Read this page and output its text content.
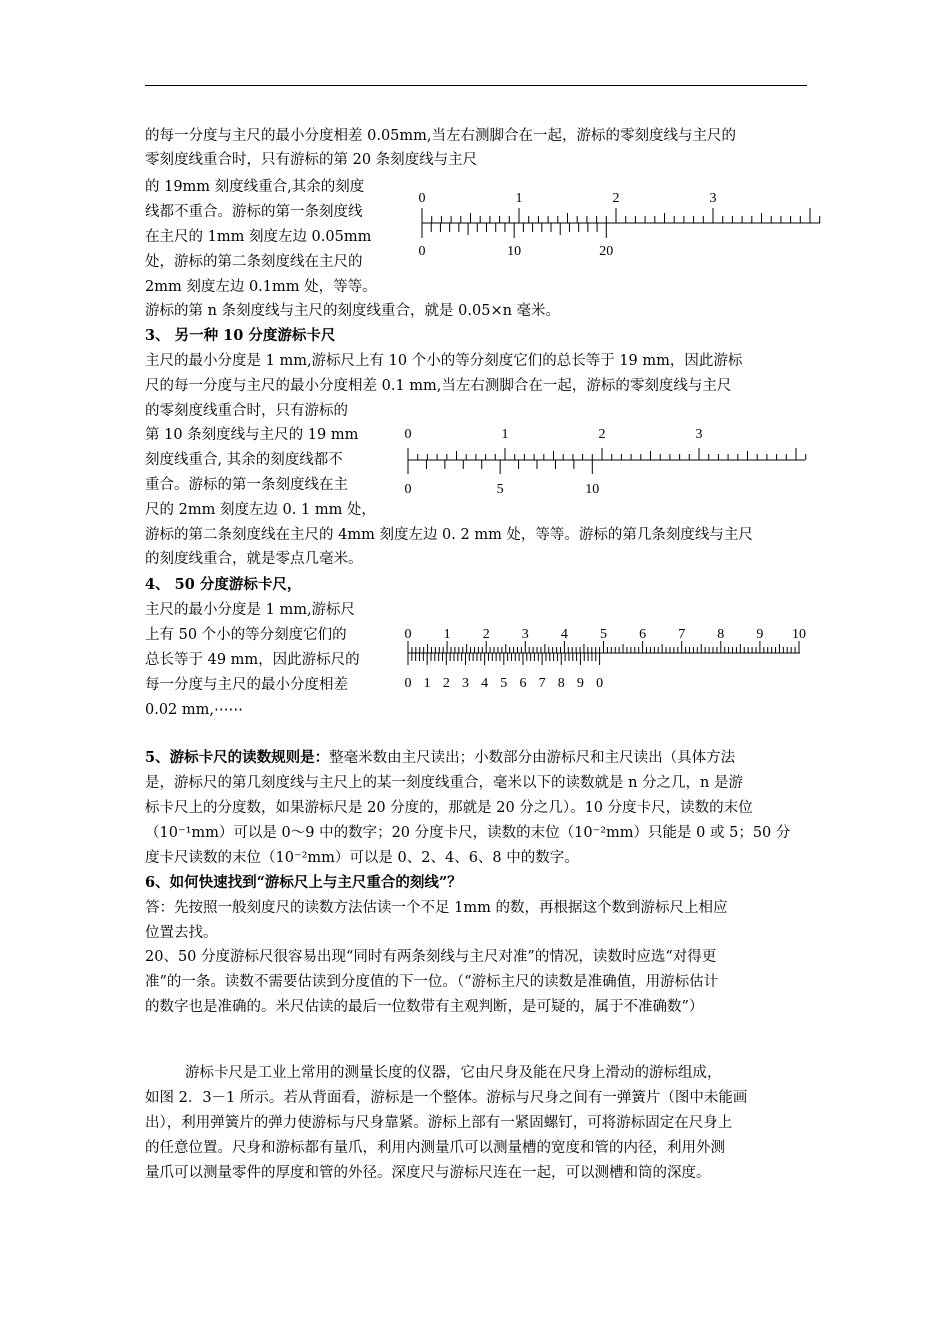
的每一分度与主尺的最小分度相差 0.05mm,当左右测脚合在一起，游标的零刻度线与主尺的
零刻度线重合时，只有游标的第 20 条刻度线与主尺
的 19mm 刻度线重合,其余的刻度
线都不重合。游标的第一条刻度线
在主尺的 1mm 刻度左边 0.05mm
处，游标的第二条刻度线在主尺的
2mm 刻度左边 0.1mm 处，等等。
游标的第 n 条刻度线与主尺的刻度线重合，就是 0.05×n 毫米。
3、 另一种 10 分度游标卡尺
主尺的最小分度是 1 mm,游标尺上有 10 个小的等分刻度它们的总长等于 19 mm，因此游标
尺的每一分度与主尺的最小分度相差 0.1 mm,当左右测脚合在一起，游标的零刻度线与主尺
的零刻度线重合时，只有游标的
第 10 条刻度线与主尺的 19 mm
刻度线重合, 其余的刻度线都不
重合。游标的第一条刻度线在主
尺的 2mm 刻度左边 0. 1 mm 处，
游标的第二条刻度线在主尺的 4mm 刻度左边 0. 2 mm 处，等等。游标的第几条刻度线与主尺
的刻度线重合，就是零点几毫米。
4、 50 分度游标卡尺，
主尺的最小分度是 1 mm,游标尺
上有 50 个小的等分刻度它们的
总长等于 49 mm，因此游标尺的
每一分度与主尺的最小分度相差
0.02 mm,⋯⋯
5、游标卡尺的读数规则是：整毫米数由主尺读出；小数部分由游标尺和主尺读出（具体方法
是，游标尺的第几刻度线与主尺上的某一刻度线重合，毫米以下的读数就是 n 分之几，n 是游
标卡尺上的分度数，如果游标尺是 20 分度的，那就是 20 分之几）。10 分度卡尺，读数的末位
（10⁻¹mm）可以是 0～9 中的数字；20 分度卡尺，读数的末位（10⁻²mm）只能是 0 或 5；50 分
度卡尺读数的末位（10⁻²mm）可以是 0、2、4、6、8 中的数字。
6、如何快速找到“游标尺上与主尺重合的刻线”？
答：先按照一般刻度尺的读数方法估读一个不足 1mm 的数，再根据这个数到游标尺上相应
位置去找。
20、50 分度游标尺很容易出现“同时有两条刻线与主尺对准”的情况，读数时应选“对得更
准”的一条。读数不需要估读到分度值的下一位。（“游标主尺的读数是准确值，用游标估计
的数字也是准确的。米尺估读的最后一位数带有主观判断，是可疑的，属于不准确数”）
游标卡尺是工业上常用的测量长度的仪器，它由尺身及能在尺身上滑动的游标组成，
如图 2．3－1 所示。若从背面看，游标是一个整体。游标与尺身之间有一弹簧片（图中未能画
出），利用弹簧片的弹力使游标与尺身靠紧。游标上部有一紧固螺钉，可将游标固定在尺身上
的任意位置。尺身和游标都有量爪，利用内测量爪可以测量槽的宽度和管的内径，利用外测
量爪可以测量零件的厚度和管的外径。深度尺与游标尺连在一起，可以测槽和筒的深度。
0	1	2	3
0	10	20
0	1	2	3
0	5	10
0 1 2 3 4 5 6 7 8 9 10
0 1 2 3 4 5 6 7 8 9 0
